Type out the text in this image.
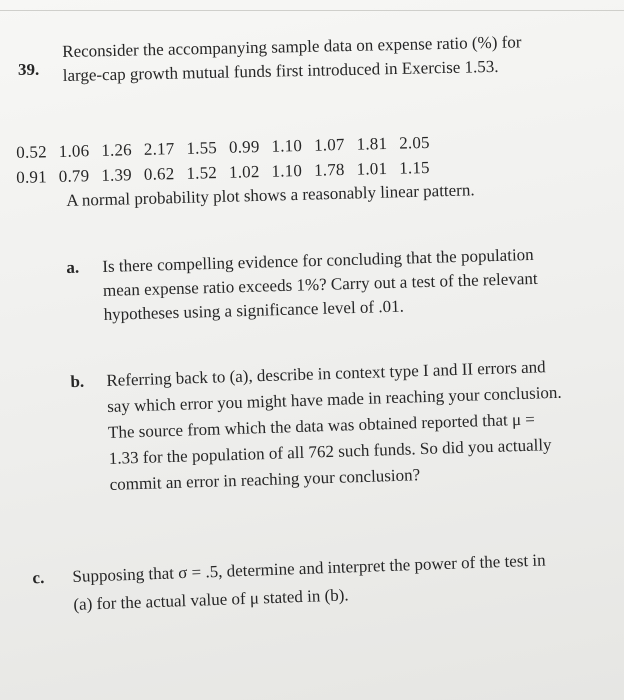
39.
Reconsider the accompanying sample data on expense ratio (%) for large-cap growth mutual funds first introduced in Exercise 1.53.
0.52 1.06 1.26 2.17 1.55 0.99 1.10 1.07 1.81 2.05
0.91 0.79 1.39 0.62 1.52 1.02 1.10 1.78 1.01 1.15
A normal probability plot shows a reasonably linear pattern.
a. Is there compelling evidence for concluding that the population mean expense ratio exceeds 1%? Carry out a test of the relevant hypotheses using a significance level of .01.
b. Referring back to (a), describe in context type I and II errors and say which error you might have made in reaching your conclusion. The source from which the data was obtained reported that μ = 1.33 for the population of all 762 such funds. So did you actually commit an error in reaching your conclusion?
c. Supposing that σ = .5, determine and interpret the power of the test in (a) for the actual value of μ stated in (b).
